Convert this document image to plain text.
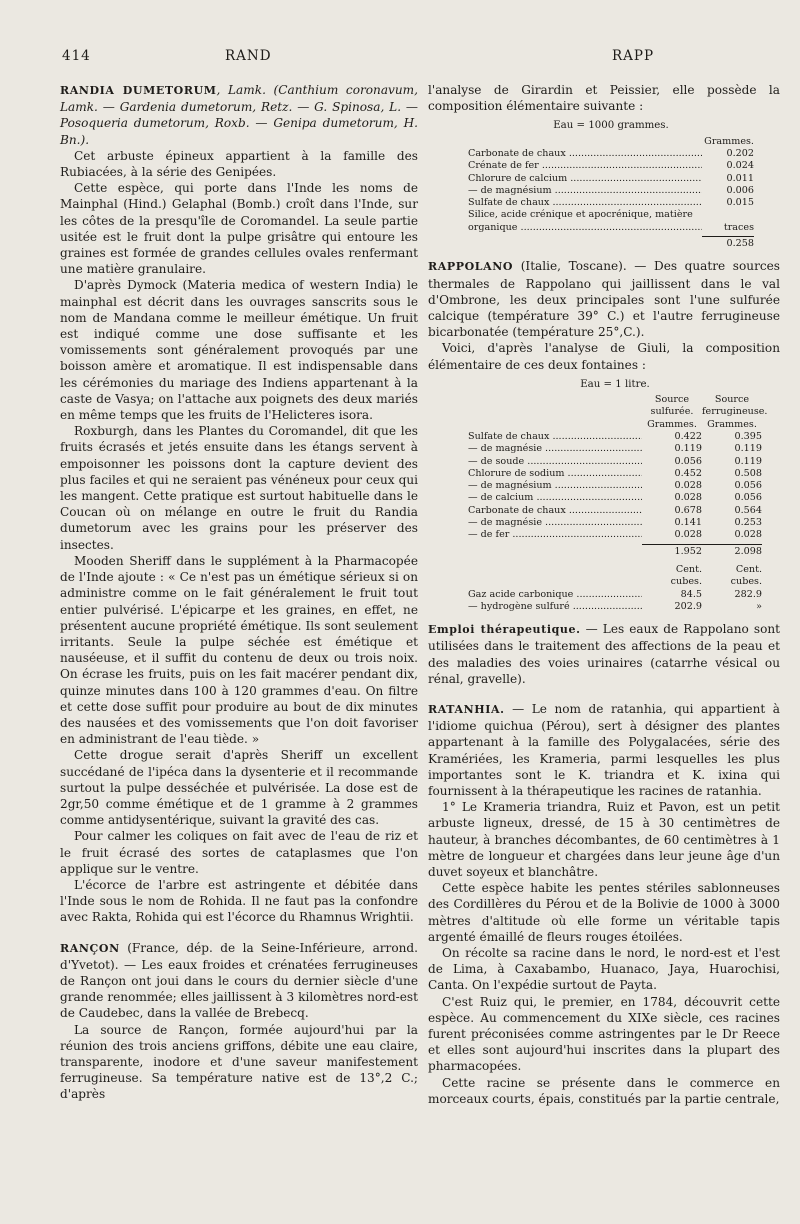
414	RAND	RAPP

RANDIA DUMETORUM, Lamk. (Canthium coronavum, Lamk. — Gardenia dumetorum, Retz. — G. Spinosa, L. — Posoqueria dumetorum, Roxb. — Genipa dumetorum, H. Bn.).

Cet arbuste épineux appartient à la famille des Rubiacées, à la série des Genipées.

Cette espèce, qui porte dans l'Inde les noms de Mainphal (Hind.) Gelaphal (Bomb.) croît dans l'Inde, sur les côtes de la presqu'île de Coromandel. La seule partie usitée est le fruit dont la pulpe grisâtre qui entoure les graines est formée de grandes cellules ovales renfermant une matière granulaire.

D'après Dymock (Materia medica of western India) le mainphal est décrit dans les ouvrages sanscrits sous le nom de Mandana comme le meilleur émétique. Un fruit est indiqué comme une dose suffisante et les vomissements sont généralement provoqués par une boisson amère et aromatique. Il est indispensable dans les cérémonies du mariage des Indiens appartenant à la caste de Vasya; on l'attache aux poignets des deux mariés en même temps que les fruits de l'Helicteres isora.

Roxburgh, dans les Plantes du Coromandel, dit que les fruits écrasés et jetés ensuite dans les étangs servent à empoisonner les poissons dont la capture devient des plus faciles et qui ne seraient pas vénéneux pour ceux qui les mangent. Cette pratique est surtout habituelle dans le Coucan où on mélange en outre le fruit du Randia dumetorum avec les grains pour les préserver des insectes.

Mooden Sheriff dans le supplément à la Pharmacopée de l'Inde ajoute : « Ce n'est pas un émétique sérieux si on administre comme on le fait généralement le fruit tout entier pulvérisé. L'épicarpe et les graines, en effet, ne présentent aucune propriété émétique. Ils sont seulement irritants. Seule la pulpe séchée est émétique et nauséeuse, et il suffit du contenu de deux ou trois noix. On écrase les fruits, puis on les fait macérer pendant dix, quinze minutes dans 100 à 120 grammes d'eau. On filtre et cette dose suffit pour produire au bout de dix minutes des nausées et des vomissements que l'on doit favoriser en administrant de l'eau tiède. »

Cette drogue serait d'après Sheriff un excellent succédané de l'ipéca dans la dysenterie et il recommande surtout la pulpe desséchée et pulvérisée. La dose est de 2gr,50 comme émétique et de 1 gramme à 2 grammes comme antidysentérique, suivant la gravité des cas.

Pour calmer les coliques on fait avec de l'eau de riz et le fruit écrasé des sortes de cataplasmes que l'on applique sur le ventre.

L'écorce de l'arbre est astringente et débitée dans l'Inde sous le nom de Rohida. Il ne faut pas la confondre avec Rakta, Rohida qui est l'écorce du Rhamnus Wrightii.

RANÇON (France, dép. de la Seine-Inférieure, arrond. d'Yvetot). — Les eaux froides et crénatées ferrugineuses de Rançon ont joui dans le cours du dernier siècle d'une grande renommée; elles jaillissent à 3 kilomètres nord-est de Caudebec, dans la vallée de Brebecq.

La source de Rançon, formée aujourd'hui par la réunion des trois anciens griffons, débite une eau claire, transparente, inodore et d'une saveur manifestement ferrugineuse. Sa température native est de 13°,2 C.; d'après

l'analyse de Girardin et Peissier, elle possède la composition élémentaire suivante :

Eau = 1000 grammes.
Grammes.
Carbonate de chaux .....	0.202
Crénate de fer .....	0.024
Chlorure de calcium .....	0.011
— de magnésium .....	0.006
Sulfate de chaux .....	0.015
Silice, acide crénique et apocrénique, matière
organique .....	traces
0.258

RAPPOLANO (Italie, Toscane). — Des quatre sources thermales de Rappolano qui jaillissent dans le val d'Ombrone, les deux principales sont l'une sulfurée calcique (température 39° C.) et l'autre ferrugineuse bicarbonatée (température 25°,C.).

Voici, d'après l'analyse de Giuli, la composition élémentaire de ces deux fontaines :

Eau = 1 litre.
Source sulfurée.
Source ferrugineuse.
Grammes.	Grammes.
Sulfate de chaux .....	0.422	0.395
— de magnésie .....	0.119	0.119
— de soude .....	0.056	0.119
Chlorure de sodium .....	0.452	0.508
— de magnésium .....	0.028	0.056
— de calcium .....	0.028	0.056
Carbonate de chaux .....	0.678	0.564
— de magnésie .....	0.141	0.253
— de fer .....	0.028	0.028
1.952	2.098
Cent. cubes.
Cent. cubes.
Gaz acide carbonique .....	84.5	282.9
— hydrogène sulfuré .....	202.9	»

Emploi thérapeutique. — Les eaux de Rappolano sont utilisées dans le traitement des affections de la peau et des maladies des voies urinaires (catarrhe vésical ou rénal, gravelle).

RATANHIA. — Le nom de ratanhia, qui appartient à l'idiome quichua (Pérou), sert à désigner des plantes appartenant à la famille des Polygalacées, série des Kramériées, les Krameria, parmi lesquelles les plus importantes sont le K. triandra et K. ixina qui fournissent à la thérapeutique les racines de ratanhia.

1° Le Krameria triandra, Ruiz et Pavon, est un petit arbuste ligneux, dressé, de 15 à 30 centimètres de hauteur, à branches décombantes, de 60 centimètres à 1 mètre de longueur et chargées dans leur jeune âge d'un duvet soyeux et blanchâtre.

Cette espèce habite les pentes stériles sablonneuses des Cordillères du Pérou et de la Bolivie de 1000 à 3000 mètres d'altitude où elle forme un véritable tapis argenté émaillé de fleurs rouges étoilées.

On récolte sa racine dans le nord, le nord-est et l'est de Lima, à Caxabambo, Huanaco, Jaya, Huarochisi, Canta. On l'expédie surtout de Payta.

C'est Ruiz qui, le premier, en 1784, découvrit cette espèce. Au commencement du XIXe siècle, ces racines furent préconisées comme astringentes par le Dr Reece et elles sont aujourd'hui inscrites dans la plupart des pharmacopées.

Cette racine se présente dans le commerce en morceaux courts, épais, constitués par la partie centrale,
